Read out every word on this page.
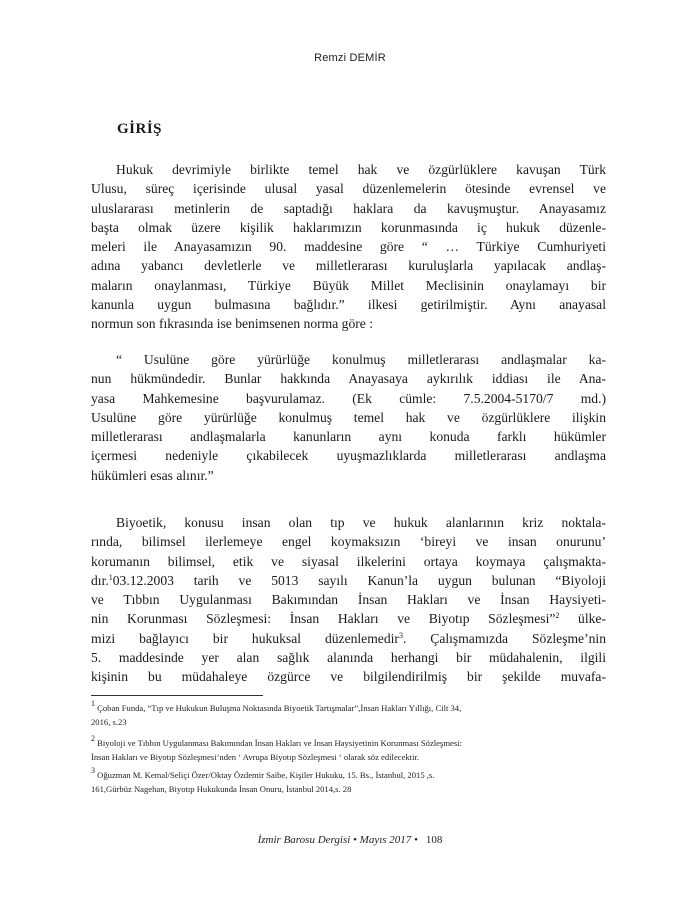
Remzi DEMİR
GİRİŞ
Hukuk devrimiyle birlikte temel hak ve özgürlüklere kavuşan Türk
Ulusu, süreç içerisinde ulusal yasal düzenlemelerin ötesinde evrensel ve
uluslararası metinlerin de saptadığı haklara da kavuşmuştur. Anayasamız
başta olmak üzere kişilik haklarımızın korunmasında iç hukuk düzenle-
meleri ile Anayasamızın 90. maddesine göre “ … Türkiye Cumhuriyeti
adına yabancı devletlerle ve milletlerarası kuruluşlarla yapılacak andlaş-
maların onaylanması, Türkiye Büyük Millet Meclisinin onaylamayı bir
kanunla uygun bulmasına bağlıdır.” ilkesi getirilmiştir. Aynı anayasal
normun son fıkrasında ise benimsenen norma göre :
“ Usulüne göre yürürlüğe konulmuş milletlerarası andlaşmalar ka-
nun hükmündedir. Bunlar hakkında Anayasaya aykırılık iddiası ile Ana-
yasa Mahkemesine başvurulamaz. (Ek cümle: 7.5.2004-5170/7 md.)
Usulüne göre yürürlüğe konulmuş temel hak ve özgürlüklere ilişkin
milletlerarası andlaşmalarla kanunların aynı konuda farklı hükümler
içermesi nedeniyle çıkabilecek uyuşmazlıklarda milletlerarası andlaşma
hükümleri esas alınır.”
Biyoetik, konusu insan olan tıp ve hukuk alanlarının kriz noktala-
rında, bilimsel ilerlemeye engel koymaksızın ‘bireyi ve insan onurunu’
korumanın bilimsel, etik ve siyasal ilkelerini ortaya koymaya çalışmakta-
dır.$^1$03.12.2003 tarih ve 5013 sayılı Kanun’la uygun bulunan “Biyoloji
ve Tıbbın Uygulanması Bakımından İnsan Hakları ve İnsan Haysiyeti-
nin Korunması Sözleşmesi: İnsan Hakları ve Biyotıp Sözleşmesi”$^2$ ülke-
mizi bağlayıcı bir hukuksal düzenlemedir$^3$. Çalışmamızda Sözleşme’nin
5. maddesinde yer alan sağlık alanında herhangi bir müdahalenin, ilgili
kişinin bu müdahaleye özgürce ve bilgilendirilmiş bir şekilde muvafa-
$^1$ Çoban Funda, “Tıp ve Hukukun Buluşma Noktasında Biyoetik Tartışmalar”,İnsan Hakları Yıllığı, Cilt 34,
2016, s.23
$^2$ Biyoloji ve Tıbbın Uygulanması Bakımından İnsan Hakları ve İnsan Haysiyetinin Korunması Sözleşmesi:
İnsan Hakları ve Biyotıp Sözleşmesi’nden ‘ Avrupa Biyotıp Sözleşmesi ‘ olarak söz edilecektir.
$^3$ Oğuzman M. Kemal/Seliçi Özer/Oktay Özdemir Saibe, Kişiler Hukuku, 15. Bs., İstanbul, 2015 ,s.
161,Gürbüz Nagehan, Biyotıp Hukukunda İnsan Onuru, İstanbul 2014,s. 28
İzmir Barosu Dergisi • Mayıs 2017 • 108
